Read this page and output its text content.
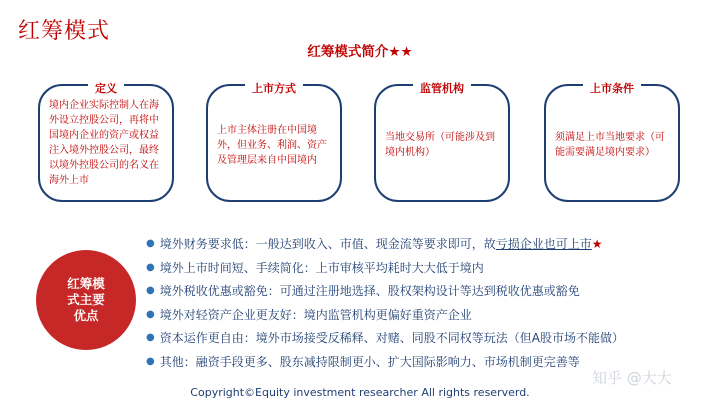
红筹模式
红筹模式简介★★
定义
境内企业实际控制人在海外设立控股公司，再将中国境内企业的资产或权益注入境外控股公司，最终以境外控股公司的名义在海外上市
上市方式
上市主体注册在中国境外，但业务、利润、资产及管理层来自中国境内
监管机构
当地交易所（可能涉及到境内机构）
上市条件
须满足上市当地要求（可能需要满足境内要求）
红筹模
式主要
优点
● 境外财务要求低：一般达到收入、市值、现金流等要求即可，故 亏损企业也可上市 ★
● 境外上市时间短、手续简化：上市审核平均耗时大大低于境内
● 境外税收优惠或豁免：可通过注册地选择、股权架构设计等达到税收优惠或豁免
● 境外对轻资产企业更友好：境内监管机构更偏好重资产企业
● 资本运作更自由：境外市场接受反稀释、对赌、同股不同权等玩法（但A股市场不能做）
● 其他：融资手段更多、股东减持限制更小、扩大国际影响力、市场机制更完善等
知乎 @大大
Copyright©Equity investment researcher All rights reserverd.
